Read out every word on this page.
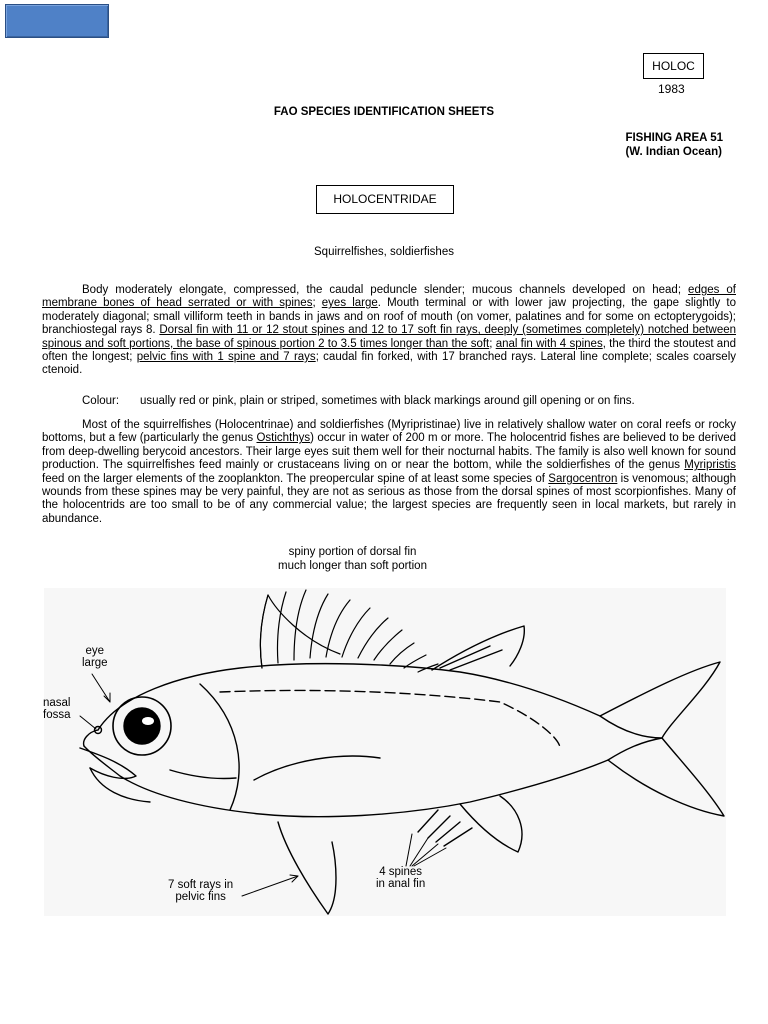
HOLOC
1983
FAO SPECIES IDENTIFICATION SHEETS
FISHING AREA 51
(W. Indian Ocean)
HOLOCENTRIDAE
Squirrelfishes, soldierfishes
Body moderately elongate, compressed, the caudal peduncle slender; mucous channels developed on head; edges of membrane bones of head serrated or with spines; eyes large. Mouth terminal or with lower jaw projecting, the gape slightly to moderately diagonal; small villiform teeth in bands in jaws and on roof of mouth (on vomer, palatines and for some on ectopterygoids); branchiostegal rays 8. Dorsal fin with 11 or 12 stout spines and 12 to 17 soft fin rays, deeply (sometimes completely) notched between spinous and soft portions, the base of spinous portion 2 to 3.5 times longer than the soft; anal fin with 4 spines, the third the stoutest and often the longest; pelvic fins with 1 spine and 7 rays; caudal fin forked, with 17 branched rays. Lateral line complete; scales coarsely ctenoid.
Colour: usually red or pink, plain or striped, sometimes with black markings around gill opening or on fins.
Most of the squirrelfishes (Holocentrinae) and soldierfishes (Myripristinae) live in relatively shallow water on coral reefs or rocky bottoms, but a few (particularly the genus Ostichthys) occur in water of 200 m or more. The holocentrid fishes are believed to be derived from deep-dwelling berycoid ancestors. Their large eyes suit them well for their nocturnal habits. The family is also well known for sound production. The squirrelfishes feed mainly or crustaceans living on or near the bottom, while the soldierfishes of the genus Myripristis feed on the larger elements of the zooplankton. The preopercular spine of at least some species of Sargocentron is venomous; although wounds from these spines may be very painful, they are not as serious as those from the dorsal spines of most scorpionfishes. Many of the holocentrids are too small to be of any commercial value; the largest species are frequently seen in local markets, but rarely in abundance.
spiny portion of dorsal fin
much longer than soft portion
eye
large
nasal
fossa
7 soft rays in
pelvic fins
4 spines
in anal fin
